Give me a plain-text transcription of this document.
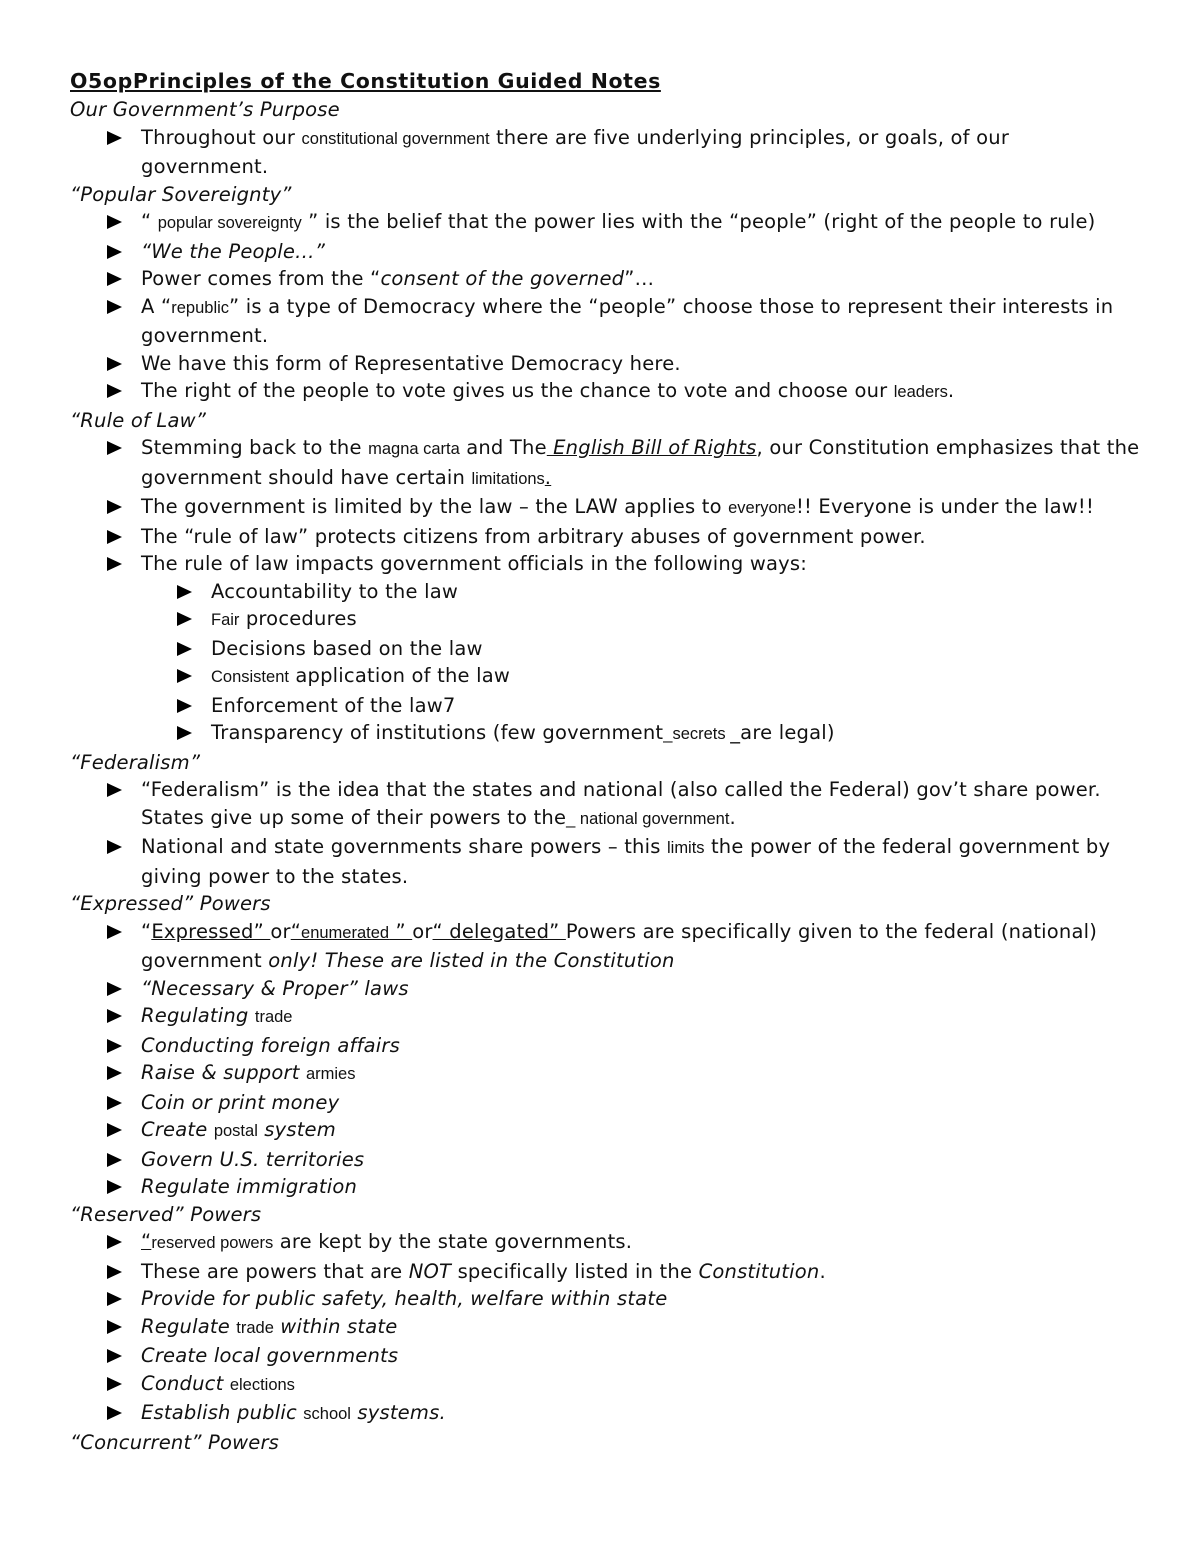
O5opPrinciples of the Constitution Guided Notes
Our Government’s Purpose
Throughout our constitutional government there are five underlying principles, or goals, of our government.
“Popular Sovereignty”
“ popular sovereignty ” is the belief that the power lies with the “people” (right of the people to rule)
“We the People…”
Power comes from the “consent of the governed”…
A “republic” is a type of Democracy where the “people” choose those to represent their interests in government.
We have this form of Representative Democracy here.
The right of the people to vote gives us the chance to vote and choose our leaders.
“Rule of Law”
Stemming back to the magna carta and The English Bill of Rights, our Constitution emphasizes that the government should have certain limitations.
The government is limited by the law – the LAW applies to everyone!! Everyone is under the law!!
The “rule of law” protects citizens from arbitrary abuses of government power.
The rule of law impacts government officials in the following ways:
Accountability to the law
Fair procedures
Decisions based on the law
Consistent application of the law
Enforcement of the law7
Transparency of institutions (few government_secrets _are legal)
“Federalism”
“Federalism” is the idea that the states and national (also called the Federal) gov’t share power. States give up some of their powers to the_ national government.
National and state governments share powers – this limits the power of the federal government by giving power to the states.
“Expressed” Powers
“Expressed” or“enumerated ” or“ delegated” Powers are specifically given to the federal (national) government only! These are listed in the Constitution
“Necessary & Proper” laws
Regulating trade
Conducting foreign affairs
Raise & support armies
Coin or print money
Create postal system
Govern U.S. territories
Regulate immigration
“Reserved” Powers
“reserved powers are kept by the state governments.
These are powers that are NOT specifically listed in the Constitution.
Provide for public safety, health, welfare within state
Regulate trade within state
Create local governments
Conduct elections
Establish public school systems.
“Concurrent” Powers
